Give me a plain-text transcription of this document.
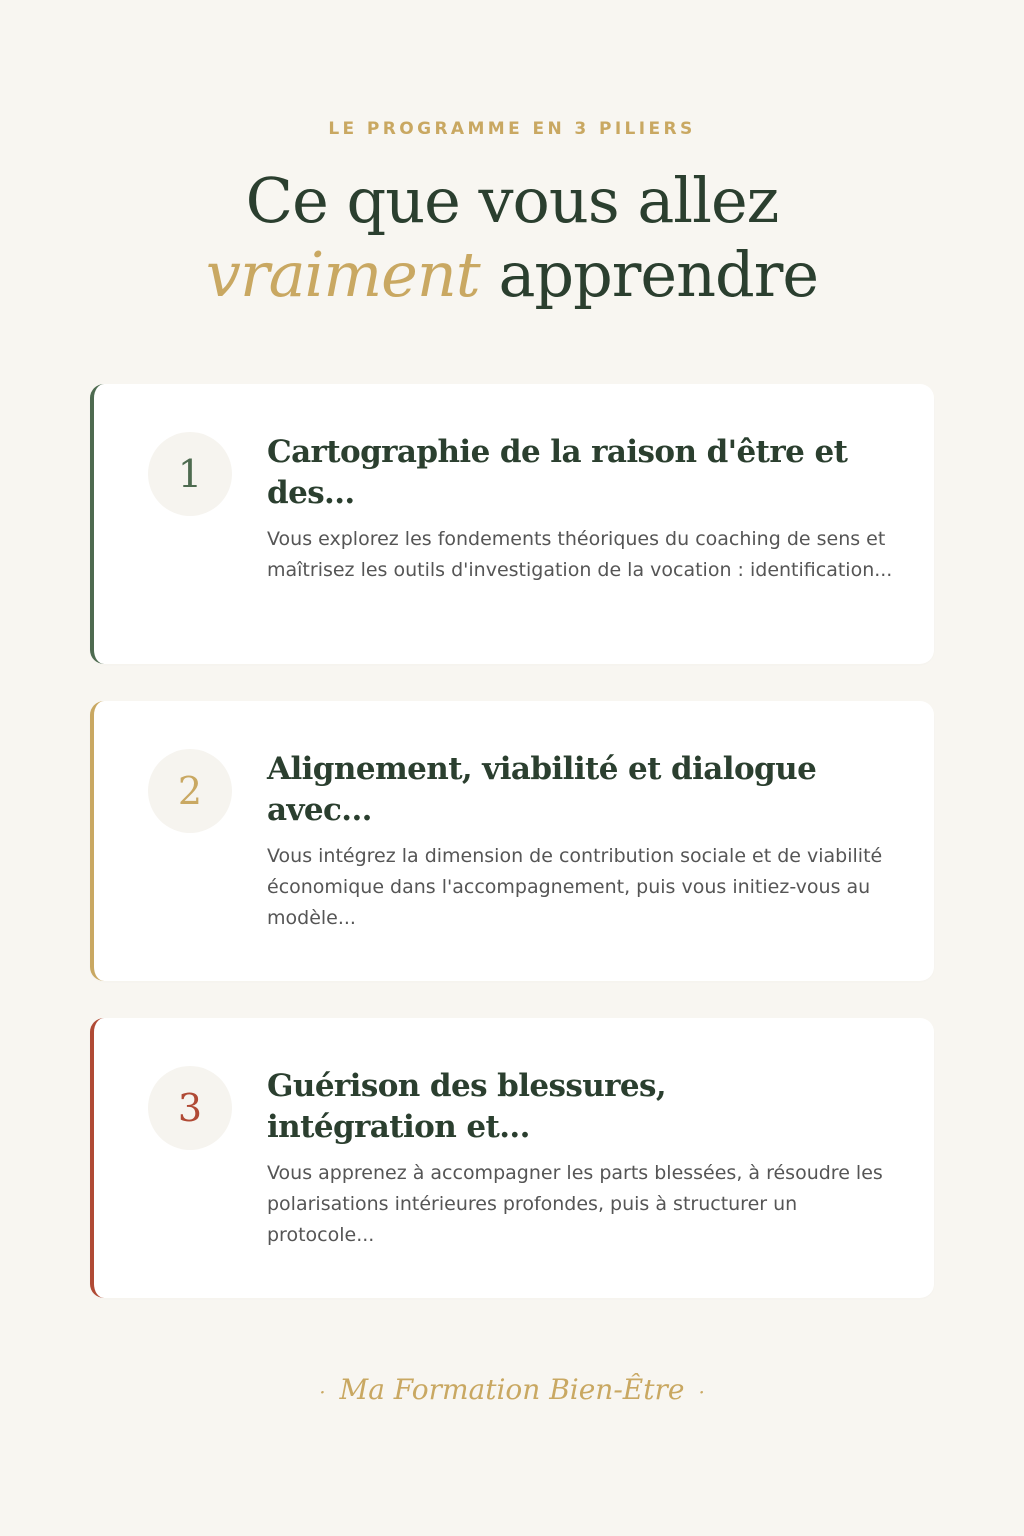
LE PROGRAMME EN 3 PILIERS
Ce que vous allez
vraiment apprendre
1	Cartographie de la raison d'être et des...
Vous explorez les fondements théoriques du coaching de sens et maîtrisez les outils d'investigation de la vocation : identification...
2	Alignement, viabilité et dialogue avec...
Vous intégrez la dimension de contribution sociale et de viabilité économique dans l'accompagnement, puis vous initiez-vous au modèle...
3	Guérison des blessures, intégration et...
Vous apprenez à accompagner les parts blessées, à résoudre les polarisations intérieures profondes, puis à structurer un protocole...
· Ma Formation Bien-Être ·
